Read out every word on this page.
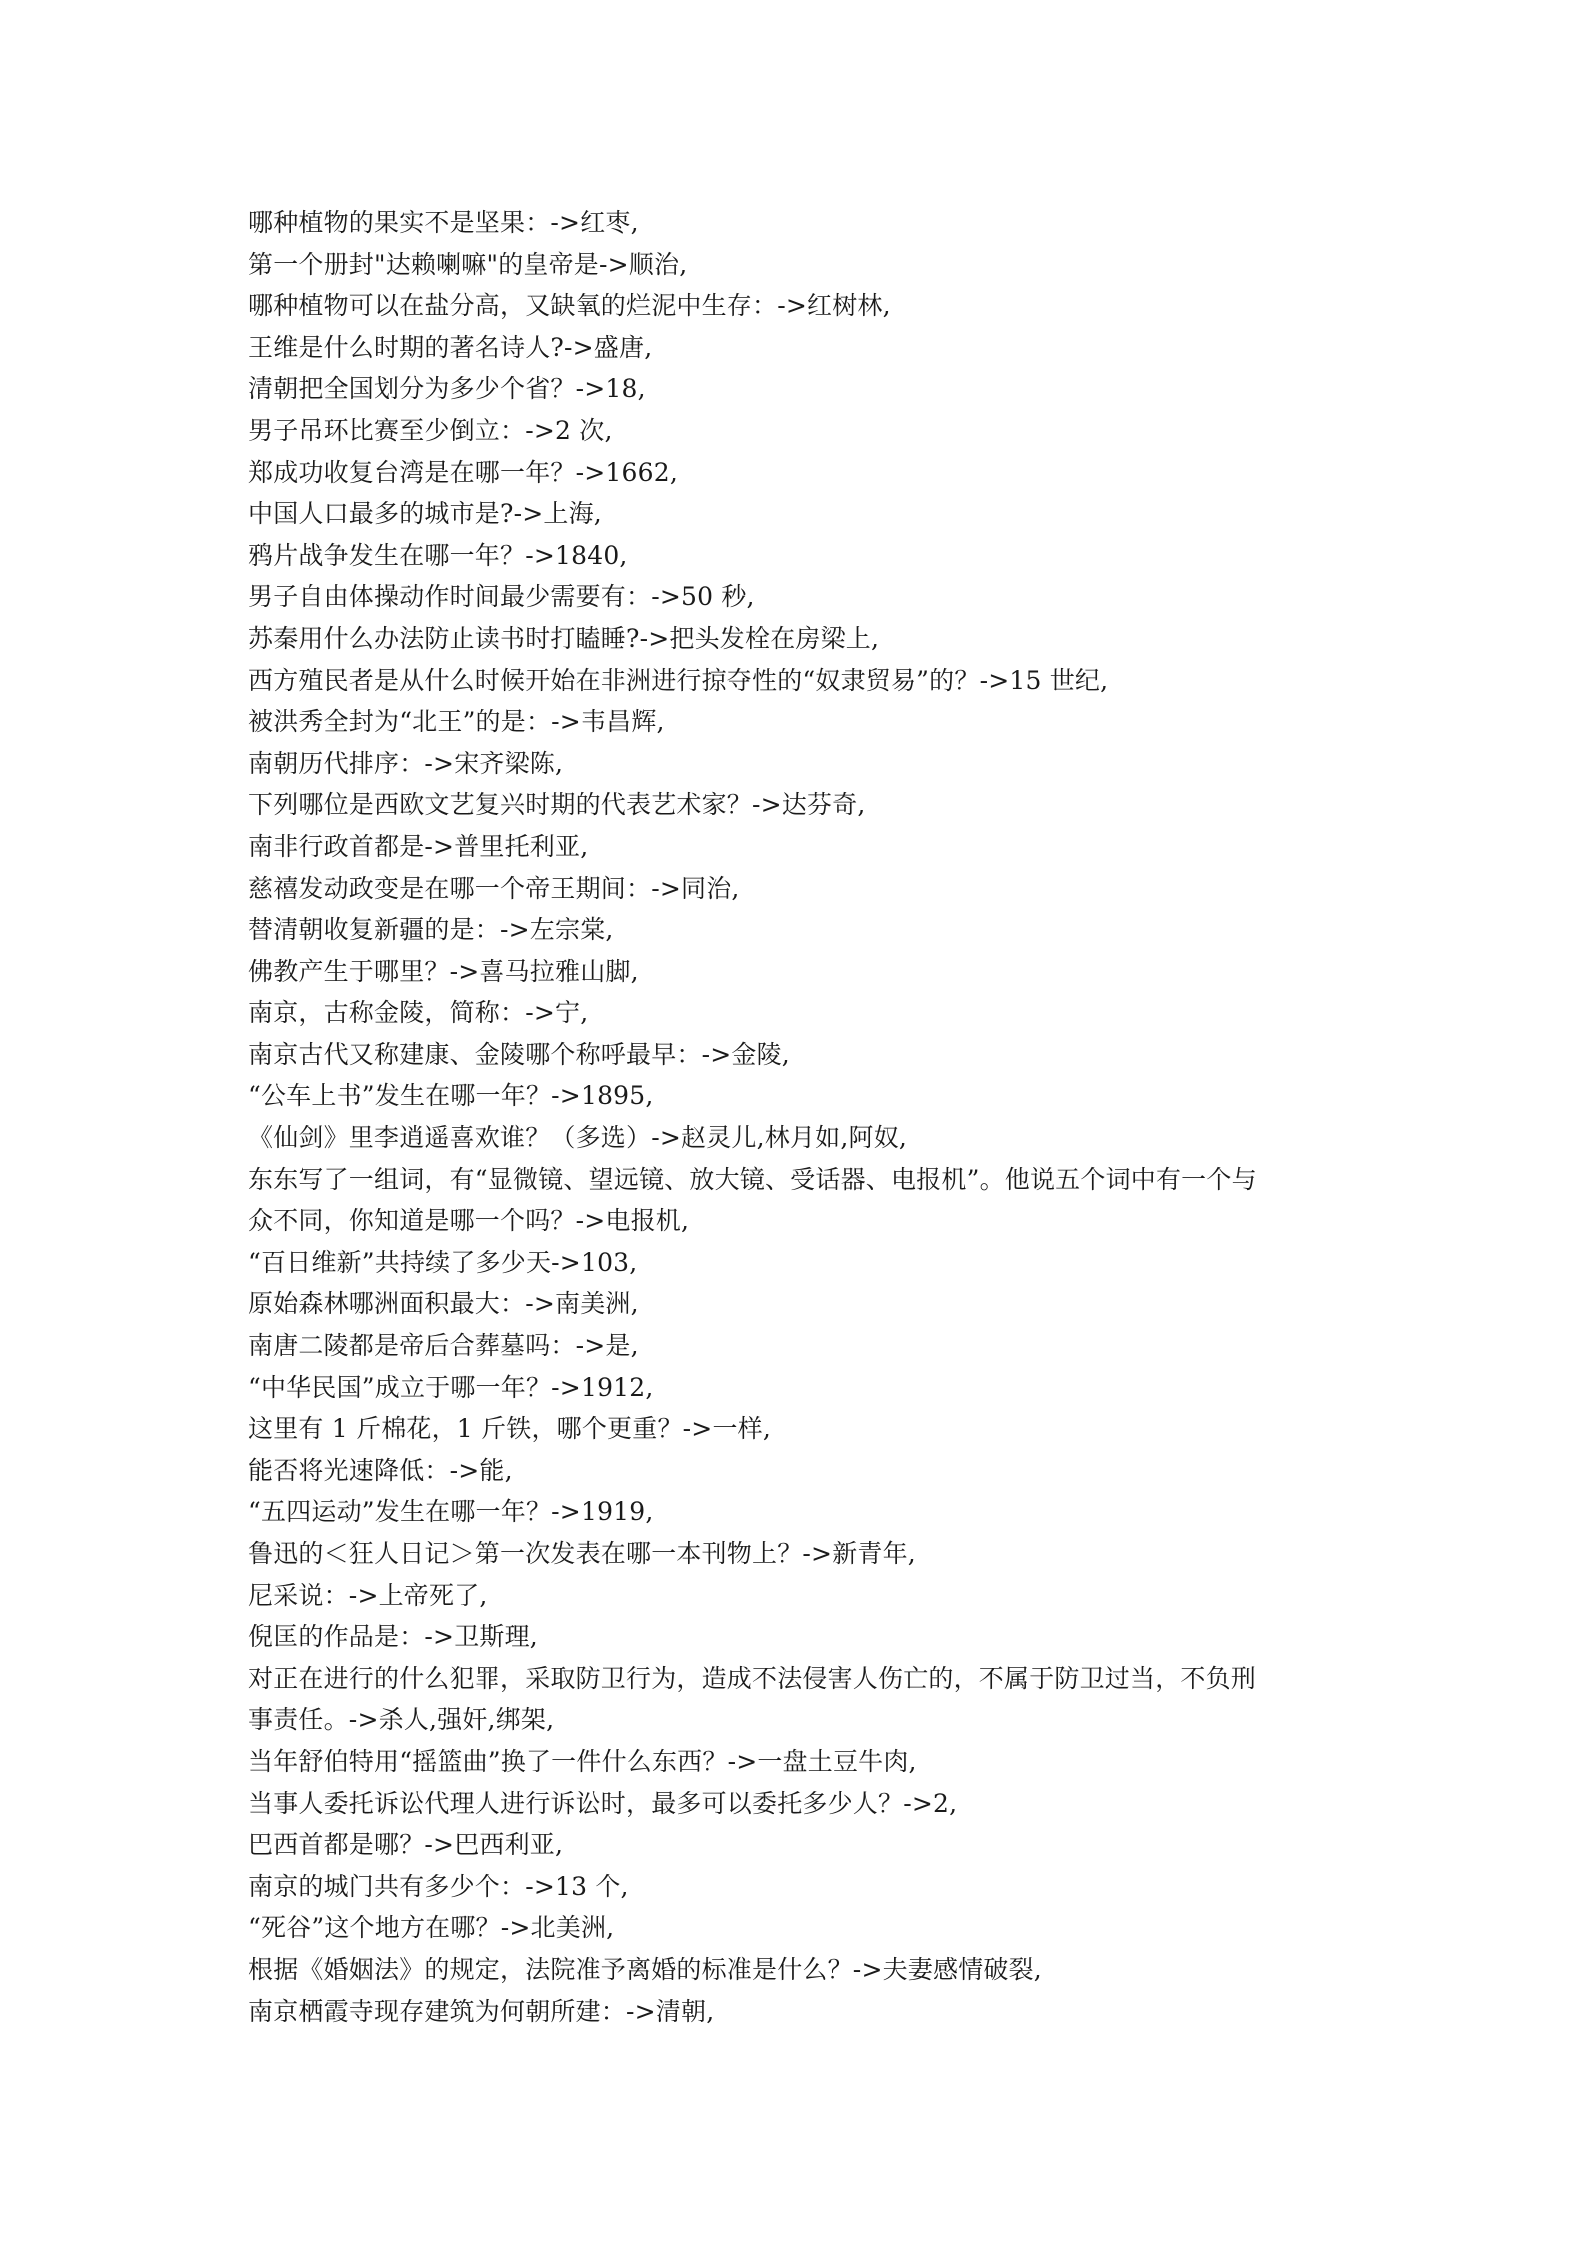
哪种植物的果实不是坚果：->红枣,
第一个册封"达赖喇嘛"的皇帝是->顺治,
哪种植物可以在盐分高，又缺氧的烂泥中生存：->红树林,
王维是什么时期的著名诗人?->盛唐,
清朝把全国划分为多少个省？->18,
男子吊环比赛至少倒立：->2 次,
郑成功收复台湾是在哪一年？->1662,
中国人口最多的城市是?->上海,
鸦片战争发生在哪一年？->1840,
男子自由体操动作时间最少需要有：->50 秒,
苏秦用什么办法防止读书时打瞌睡?->把头发栓在房梁上,
西方殖民者是从什么时候开始在非洲进行掠夺性的“奴隶贸易”的？->15 世纪,
被洪秀全封为“北王”的是：->韦昌辉,
南朝历代排序：->宋齐梁陈,
下列哪位是西欧文艺复兴时期的代表艺术家？->达芬奇,
南非行政首都是->普里托利亚,
慈禧发动政变是在哪一个帝王期间：->同治,
替清朝收复新疆的是：->左宗棠,
佛教产生于哪里？->喜马拉雅山脚,
南京，古称金陵，简称：->宁,
南京古代又称建康、金陵哪个称呼最早：->金陵,
“公车上书”发生在哪一年？->1895,
《仙剑》里李逍遥喜欢谁？（多选）->赵灵儿,林月如,阿奴,
东东写了一组词，有“显微镜、望远镜、放大镜、受话器、电报机”。他说五个词中有一个与
众不同，你知道是哪一个吗？->电报机,
“百日维新”共持续了多少天->103,
原始森林哪洲面积最大：->南美洲,
南唐二陵都是帝后合葬墓吗：->是,
“中华民国”成立于哪一年？->1912,
这里有 1 斤棉花，1 斤铁，哪个更重？->一样,
能否将光速降低：->能,
“五四运动”发生在哪一年？->1919,
鲁迅的＜狂人日记＞第一次发表在哪一本刊物上？->新青年,
尼采说：->上帝死了,
倪匡的作品是：->卫斯理,
对正在进行的什么犯罪，采取防卫行为，造成不法侵害人伤亡的，不属于防卫过当，不负刑
事责任。->杀人,强奸,绑架,
当年舒伯特用“摇篮曲”换了一件什么东西？->一盘土豆牛肉,
当事人委托诉讼代理人进行诉讼时，最多可以委托多少人？->2,
巴西首都是哪？->巴西利亚,
南京的城门共有多少个：->13 个,
“死谷”这个地方在哪？->北美洲,
根据《婚姻法》的规定，法院准予离婚的标准是什么？->夫妻感情破裂,
南京栖霞寺现存建筑为何朝所建：->清朝,
